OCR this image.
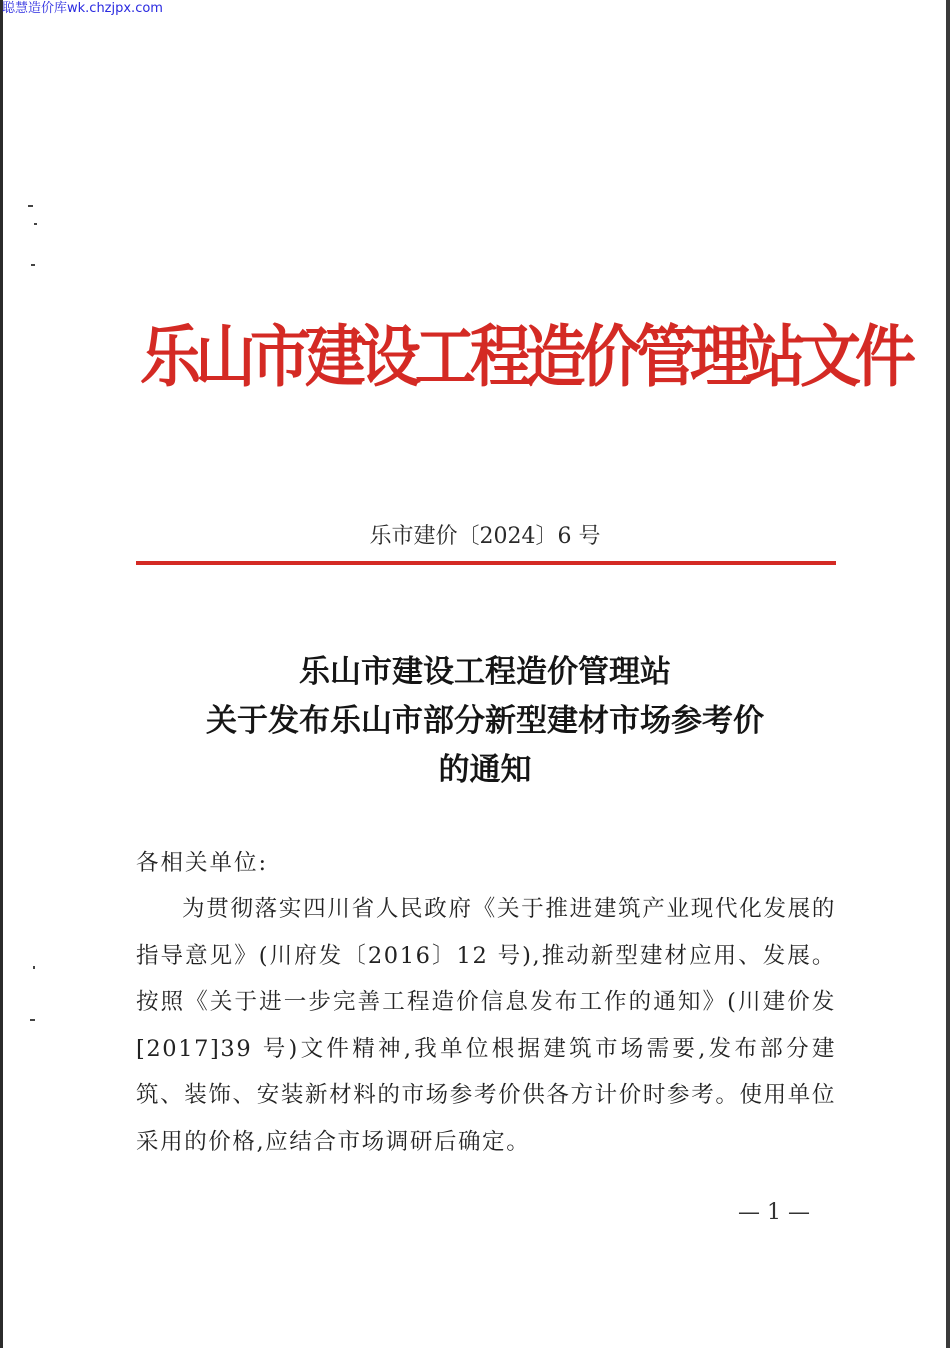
聪慧造价库wk.chzjpx.com
乐山市建设工程造价管理站文件
乐市建价〔2024〕6 号
乐山市建设工程造价管理站
关于发布乐山市部分新型建材市场参考价
的通知
各相关单位:

为贯彻落实四川省人民政府《关于推进建筑产业现代化发展的指导意见》(川府发〔2016〕12 号),推动新型建材应用、发展。按照《关于进一步完善工程造价信息发布工作的通知》(川建价发[2017]39 号)文件精神,我单位根据建筑市场需要,发布部分建筑、装饰、安装新材料的市场参考价供各方计价时参考。使用单位采用的价格,应结合市场调研后确定。

— 1 —
